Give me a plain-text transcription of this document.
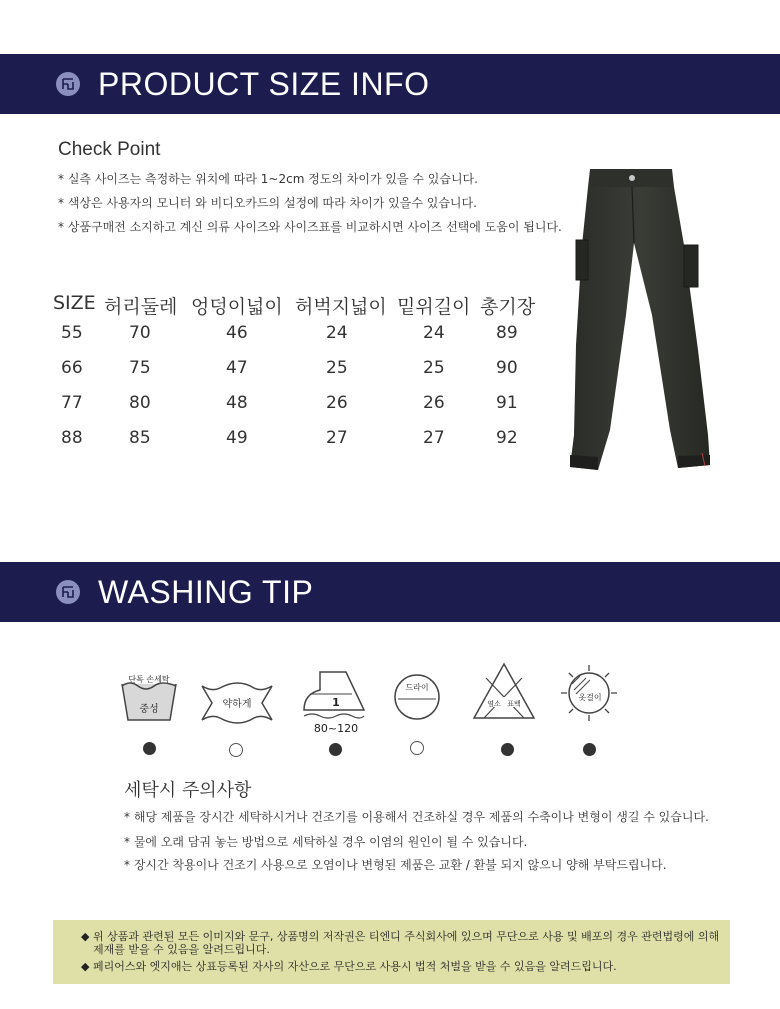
PRODUCT SIZE INFO
Check Point
* 실측 사이즈는 측정하는 위치에 따라 1~2cm 정도의 차이가 있을 수 있습니다.
* 색상은 사용자의 모니터 와 비디오카드의 설정에 따라 차이가 있을수 있습니다.
* 상품구매전 소지하고 계신 의류 사이즈와 사이즈표를 비교하시면 사이즈 선택에 도움이 됩니다.
SIZE 허리둘레 엉덩이넓이 허벅지넓이 밑위길이 총기장
55	70	46	24	24	89
66	75	47	25	25	90
77	80	48	26	26	91
88	85	49	27	27	92
WASHING TIP
단독 손세탁
중성	약하게	1
80~120
드라이
염소 표백
옷걸이
세탁시 주의사항
* 해당 제품을 장시간 세탁하시거나 건조기를 이용해서 건조하실 경우 제품의 수축이나 변형이 생길 수 있습니다.
* 물에 오래 담궈 놓는 방법으로 세탁하실 경우 이염의 원인이 될 수 있습니다.
* 장시간 착용이나 건조기 사용으로 오염이나 변형된 제품은 교환 / 환불 되지 않으니 양해 부탁드립니다.
◆ 위 상품과 관련된 모든 이미지와 문구, 상품명의 저작권은 티엔디 주식회사에 있으며 무단으로 사용 및 배포의 경우 관련법령에 의해
제재를 받을 수 있음을 알려드립니다.
◆ 페리어스와 엣지애는 상표등록된 자사의 자산으로 무단으로 사용시 법적 처벌을 받을 수 있음을 알려드립니다.
